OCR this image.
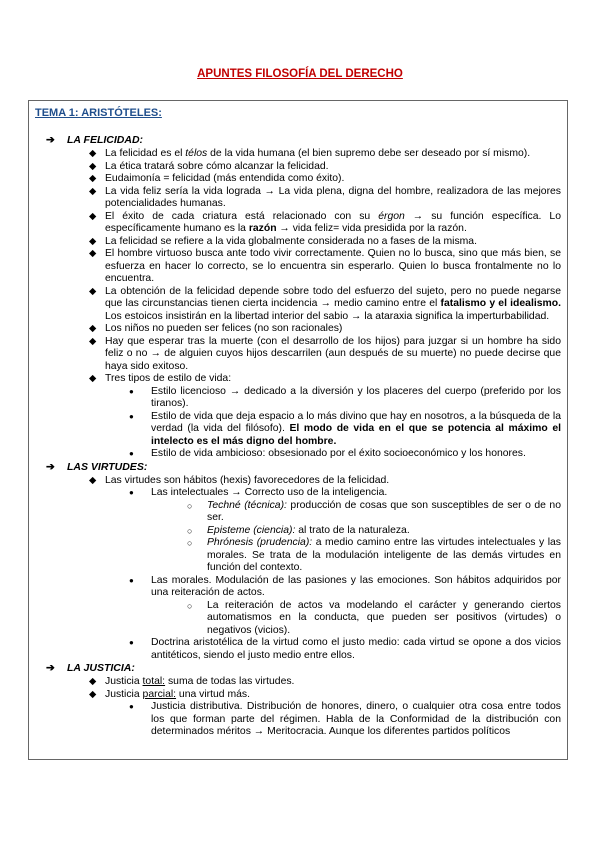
APUNTES FILOSOFÍA DEL DERECHO
TEMA 1: ARISTÓTELES:
➔ LA FELICIDAD:
◆ La felicidad es el télos de la vida humana (el bien supremo debe ser deseado por sí mismo).
◆ La ética tratará sobre cómo alcanzar la felicidad.
◆ Eudaimonía = felicidad (más entendida como éxito).
◆ La vida feliz sería la vida lograda → La vida plena, digna del hombre, realizadora de las mejores potencialidades humanas.
◆ El éxito de cada criatura está relacionado con su érgon → su función específica. Lo específicamente humano es la razón → vida feliz= vida presidida por la razón.
◆ La felicidad se refiere a la vida globalmente considerada no a fases de la misma.
◆ El hombre virtuoso busca ante todo vivir correctamente. Quien no lo busca, sino que más bien, se esfuerza en hacer lo correcto, se lo encuentra sin esperarlo. Quien lo busca frontalmente no lo encuentra.
◆ La obtención de la felicidad depende sobre todo del esfuerzo del sujeto, pero no puede negarse que las circunstancias tienen cierta incidencia → medio camino entre el fatalismo y el idealismo. Los estoicos insistirán en la libertad interior del sabio → la ataraxia significa la imperturbabilidad.
◆ Los niños no pueden ser felices (no son racionales)
◆ Hay que esperar tras la muerte (con el desarrollo de los hijos) para juzgar si un hombre ha sido feliz o no → de alguien cuyos hijos descarrilen (aun después de su muerte) no puede decirse que haya sido exitoso.
◆ Tres tipos de estilo de vida:
● Estilo licencioso → dedicado a la diversión y los placeres del cuerpo (preferido por los tiranos).
● Estilo de vida que deja espacio a lo más divino que hay en nosotros, a la búsqueda de la verdad (la vida del filósofo). El modo de vida en el que se potencia al máximo el intelecto es el más digno del hombre.
● Estilo de vida ambicioso: obsesionado por el éxito socioeconómico y los honores.
➔ LAS VIRTUDES:
◆ Las virtudes son hábitos (hexis) favorecedores de la felicidad.
● Las intelectuales → Correcto uso de la inteligencia.
○ Techné (técnica): producción de cosas que son susceptibles de ser o de no ser.
○ Episteme (ciencia): al trato de la naturaleza.
○ Phrónesis (prudencia): a medio camino entre las virtudes intelectuales y las morales. Se trata de la modulación inteligente de las demás virtudes en función del contexto.
● Las morales. Modulación de las pasiones y las emociones. Son hábitos adquiridos por una reiteración de actos.
○ La reiteración de actos va modelando el carácter y generando ciertos automatismos en la conducta, que pueden ser positivos (virtudes) o negativos (vicios).
● Doctrina aristotélica de la virtud como el justo medio: cada virtud se opone a dos vicios antitéticos, siendo el justo medio entre ellos.
➔ LA JUSTICIA:
◆ Justicia total: suma de todas las virtudes.
◆ Justicia parcial: una virtud más.
● Justicia distributiva. Distribución de honores, dinero, o cualquier otra cosa entre todos los que forman parte del régimen. Habla de la Conformidad de la distribución con determinados méritos → Meritocracia. Aunque los diferentes partidos políticos
